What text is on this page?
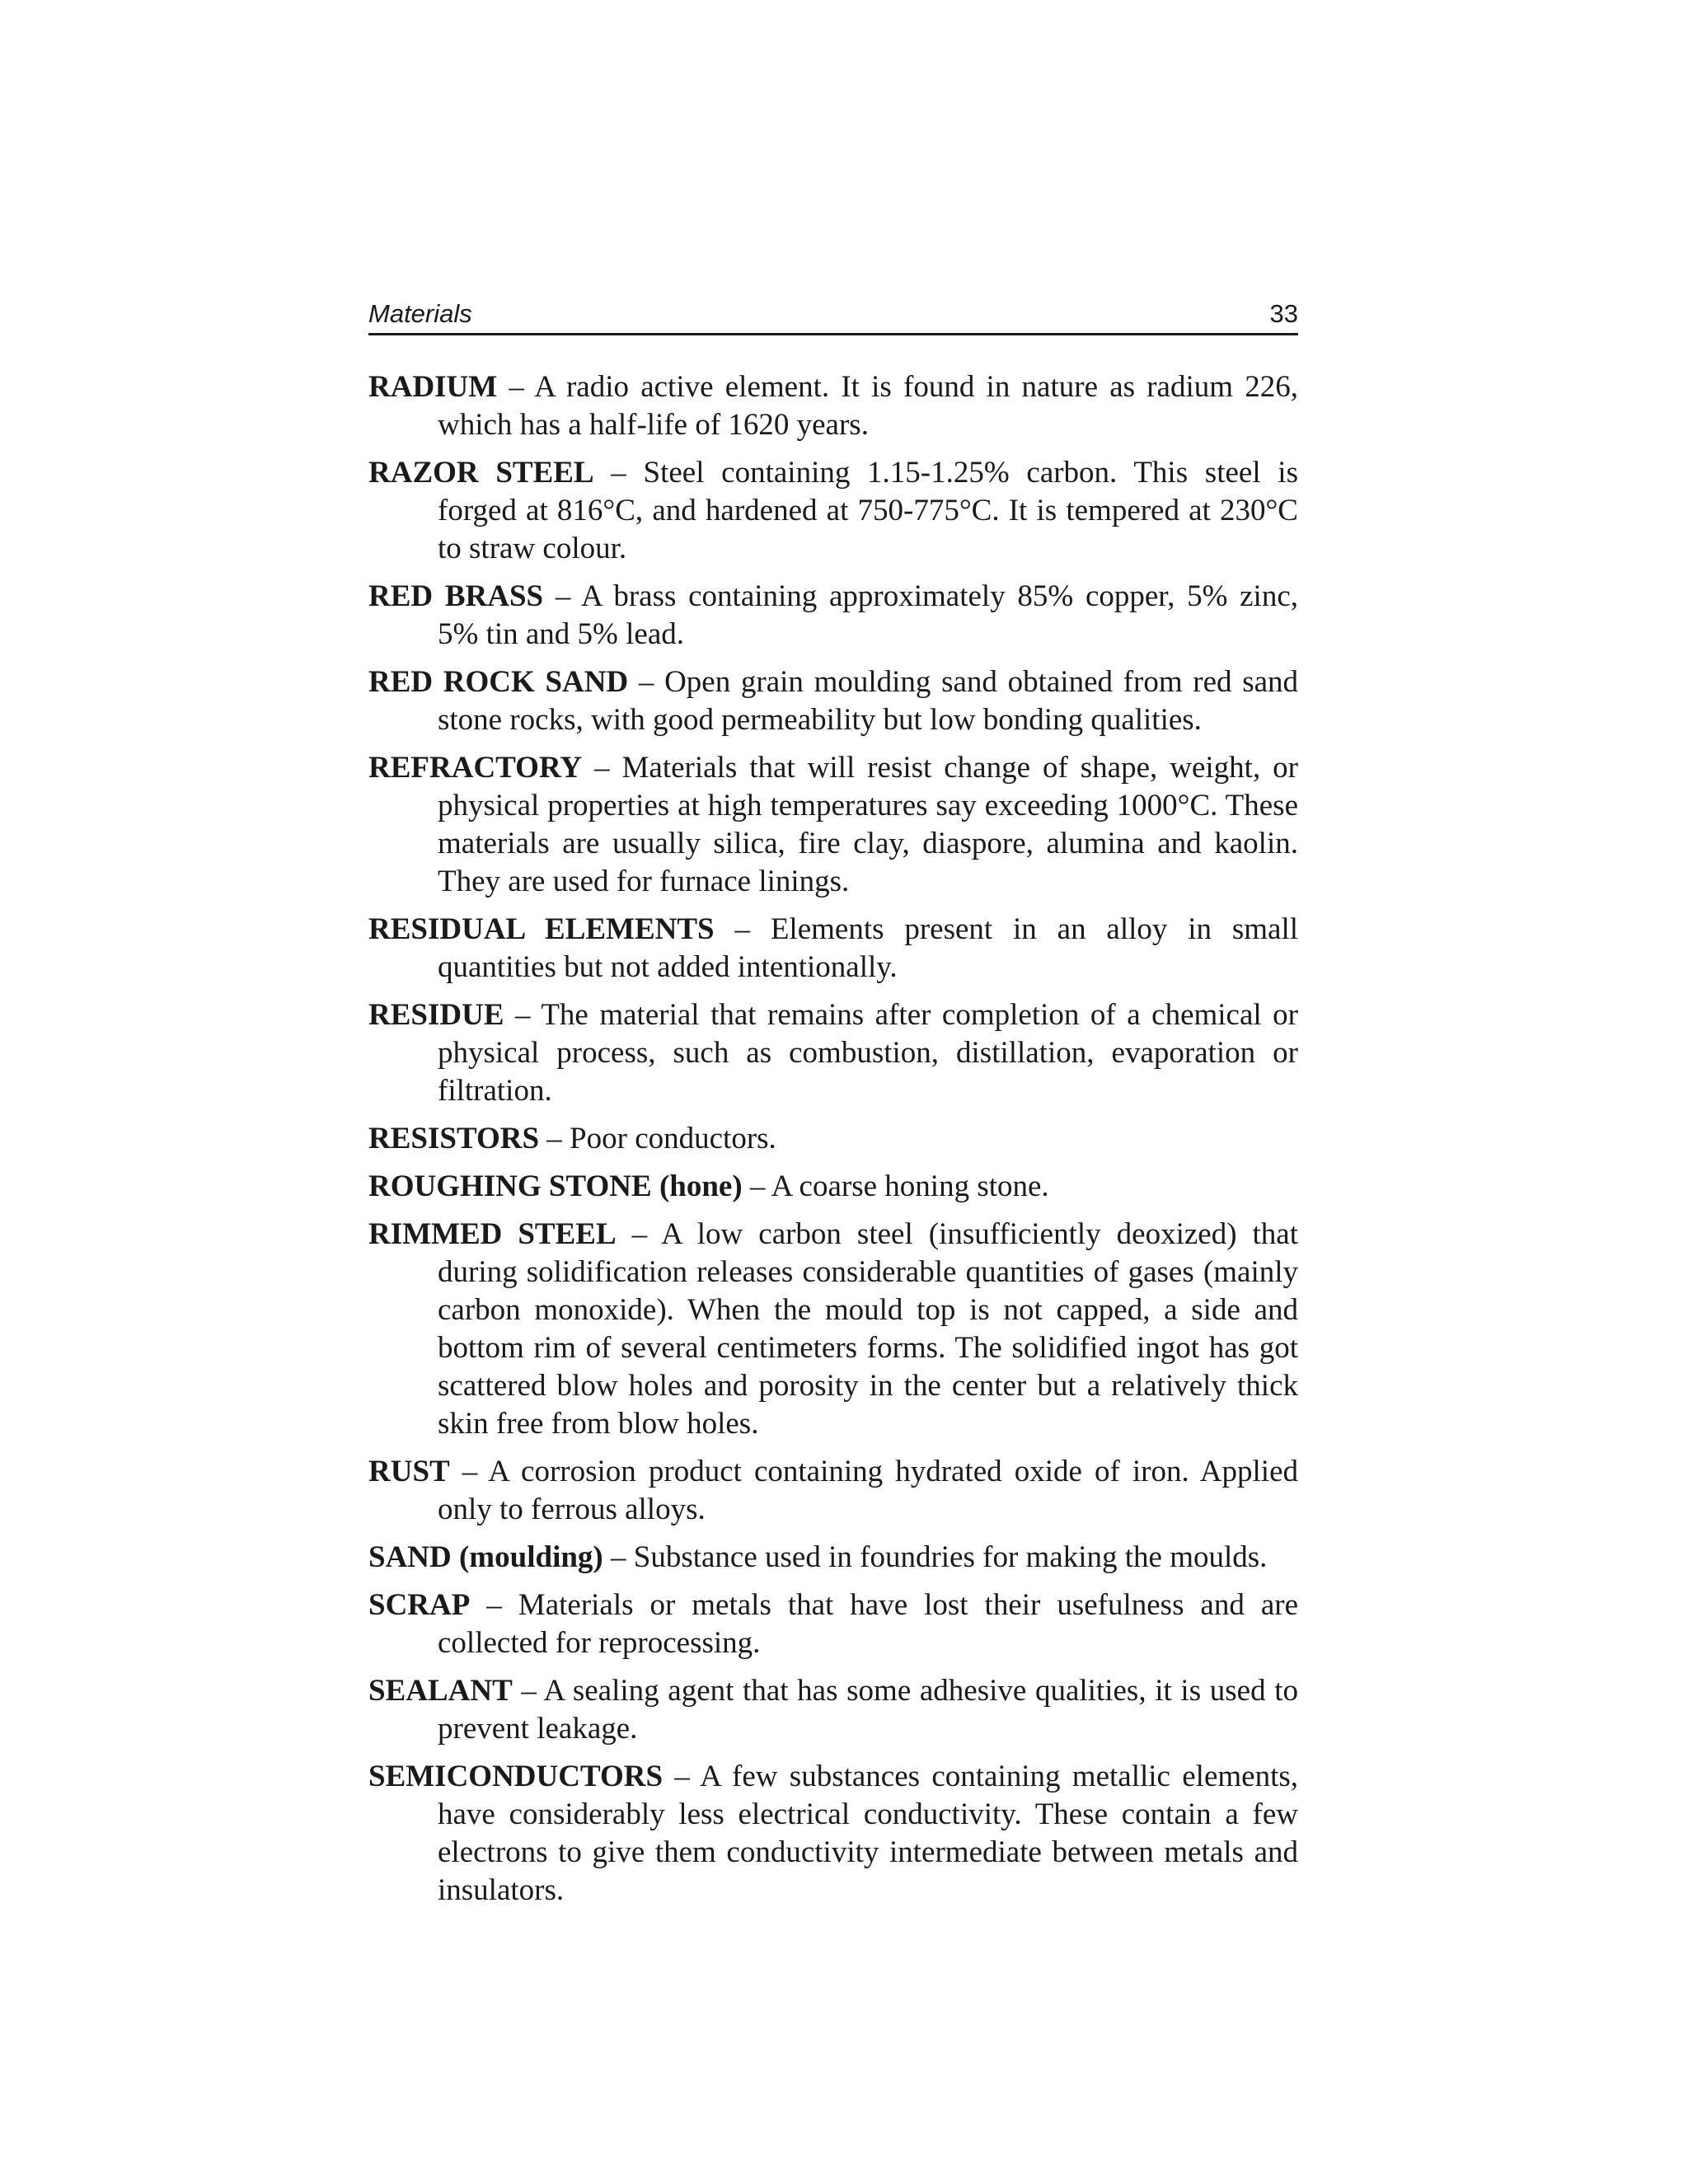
Materials	33

RADIUM – A radio active element. It is found in nature as radium 226, which has a half-life of 1620 years.

RAZOR STEEL – Steel containing 1.15-1.25% carbon. This steel is forged at 816°C, and hardened at 750-775°C. It is tempered at 230°C to straw colour.

RED BRASS – A brass containing approximately 85% copper, 5% zinc, 5% tin and 5% lead.

RED ROCK SAND – Open grain moulding sand obtained from red sand stone rocks, with good permeability but low bonding qualities.

REFRACTORY – Materials that will resist change of shape, weight, or physical properties at high temperatures say exceeding 1000°C. These materials are usually silica, fire clay, diaspore, alumina and kaolin. They are used for furnace linings.

RESIDUAL ELEMENTS – Elements present in an alloy in small quantities but not added intentionally.

RESIDUE – The material that remains after completion of a chemical or physical process, such as combustion, distillation, evaporation or filtration.

RESISTORS – Poor conductors.

ROUGHING STONE (hone) – A coarse honing stone.

RIMMED STEEL – A low carbon steel (insufficiently deoxized) that during solidification releases considerable quantities of gases (mainly carbon monoxide). When the mould top is not capped, a side and bottom rim of several centimeters forms. The solidified ingot has got scattered blow holes and porosity in the center but a relatively thick skin free from blow holes.

RUST – A corrosion product containing hydrated oxide of iron. Applied only to ferrous alloys.

SAND (moulding) – Substance used in foundries for making the moulds.

SCRAP – Materials or metals that have lost their usefulness and are collected for reprocessing.

SEALANT – A sealing agent that has some adhesive qualities, it is used to prevent leakage.

SEMICONDUCTORS – A few substances containing metallic elements, have considerably less electrical conductivity. These contain a few electrons to give them conductivity intermediate between metals and insulators.
